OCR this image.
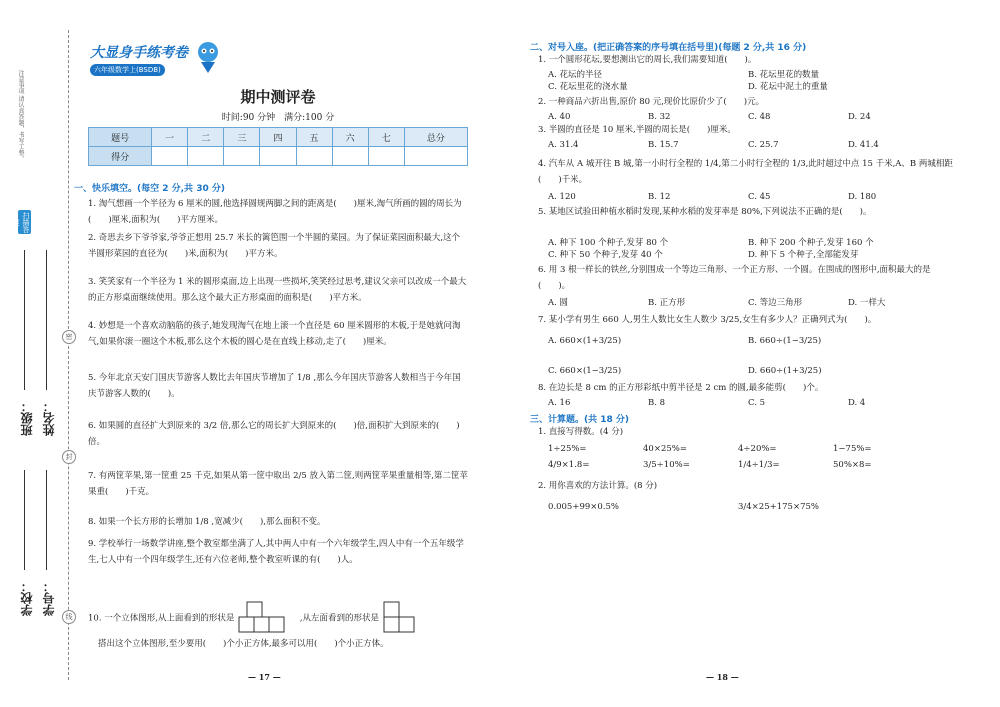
注意事项 请认真答题，书写工整。
扫描答案
密
封
线
班级： 姓名：
学校： 学号：
大显身手练考卷
六年级数学上(BSDB)
期中测评卷
时间:90 分钟　满分:100 分
题号	一	二	三	四	五	六	七	总分
得分								
一、快乐填空。(每空 2 分,共 30 分)
1. 淘气想画一个半径为 6 厘米的圆,他选择圆规两脚之间的距离是(　　)厘米,淘气所画的圆的周长为(　　)厘米,面积为(　　)平方厘米。
2. 奇思去乡下爷爷家,爷爷正想用 25.7 米长的篱笆围一个半圆的菜园。为了保证菜园面积最大,这个半圆形菜园的直径为(　　)米,面积为(　　)平方米。
3. 笑笑家有一个半径为 1 米的圆形桌面,边上出现一些损坏,笑笑经过思考,建议父亲可以改成一个最大的正方形桌面继续使用。那么这个最大正方形桌面的面积是(　　)平方米。
4. 妙想是一个喜欢动脑筋的孩子,她发现淘气在地上滚一个直径是 60 厘米圆形的木板,于是她就问淘气,如果你滚一圈这个木板,那么这个木板的圆心是在直线上移动,走了(　　)厘米。
5. 今年北京天安门国庆节游客人数比去年国庆节增加了 1/8 ,那么今年国庆节游客人数相当于今年国庆节游客人数的(　　)。
6. 如果圆的直径扩大到原来的 3/2 倍,那么它的周长扩大到原来的(　　)倍,面积扩大到原来的(　　)倍。
7. 有两筐苹果,第一筐重 25 千克,如果从第一筐中取出 2/5 放入第二筐,则两筐苹果重量相等,第二筐苹果重(　　)千克。
8. 如果一个长方形的长增加 1/8 ,宽减少(　　),那么面积不变。
9. 学校举行一场数学讲座,整个教室都坐满了人,其中两人中有一个六年级学生,四人中有一个五年级学生,七人中有一个四年级学生,还有六位老师,整个教室听课的有(　　)人。
10. 一个立体图形,从上面看到的形状是	,从左面看到的形状是
搭出这个立体图形,至少要用(　　)个小正方体,最多可以用(　　)个小正方体。
— 17 —
二、对号入座。(把正确答案的序号填在括号里)(每题 2 分,共 16 分)
1. 一个圆形花坛,要想测出它的周长,我们需要知道(　　)。
A. 花坛的半径	B. 花坛里花的数量
C. 花坛里花的浇水量	D. 花坛中泥土的重量
2. 一种商品六折出售,原价 80 元,现价比原价少了(　　)元。
A. 40	B. 32	C. 48	D. 24
3. 半圆的直径是 10 厘米,半圆的周长是(　　)厘米。
A. 31.4	B. 15.7	C. 25.7	D. 41.4
4. 汽车从 A 城开往 B 城,第一小时行全程的 1/4,第二小时行全程的 1/3,此时超过中点 15 千米,A、B 两城相距(　　)千米。
A. 120	B. 12	C. 45	D. 180
5. 某地区试验田种植水稻时发现,某种水稻的发芽率是 80%,下列说法不正确的是(　　)。
A. 种下 100 个种子,发芽 80 个	B. 种下 200 个种子,发芽 160 个
C. 种下 50 个种子,发芽 40 个	D. 种下 5 个种子,全部能发芽
6. 用 3 根一样长的铁丝,分别围成一个等边三角形、一个正方形、一个圆。在围成的图形中,面积最大的是(　　)。
A. 圆	B. 正方形	C. 等边三角形	D. 一样大
7. 某小学有男生 660 人,男生人数比女生人数少 3/25,女生有多少人？正确列式为(　　)。
A. 660×(1+3/25)	B. 660÷(1−3/25)
C. 660×(1−3/25)	D. 660÷(1+3/25)
8. 在边长是 8 cm 的正方形彩纸中剪半径是 2 cm 的圆,最多能剪(　　)个。
A. 16	B. 8	C. 5	D. 4
三、计算题。(共 18 分)
1. 直接写得数。(4 分)
1÷25%=	40×25%=	4÷20%=	1−75%=
4/9×1.8=	3/5÷10%=	1/4÷1/3=	50%×8=
2. 用你喜欢的方法计算。(8 分)
0.005+99×0.5%	3/4×25+175×75%
— 18 —
